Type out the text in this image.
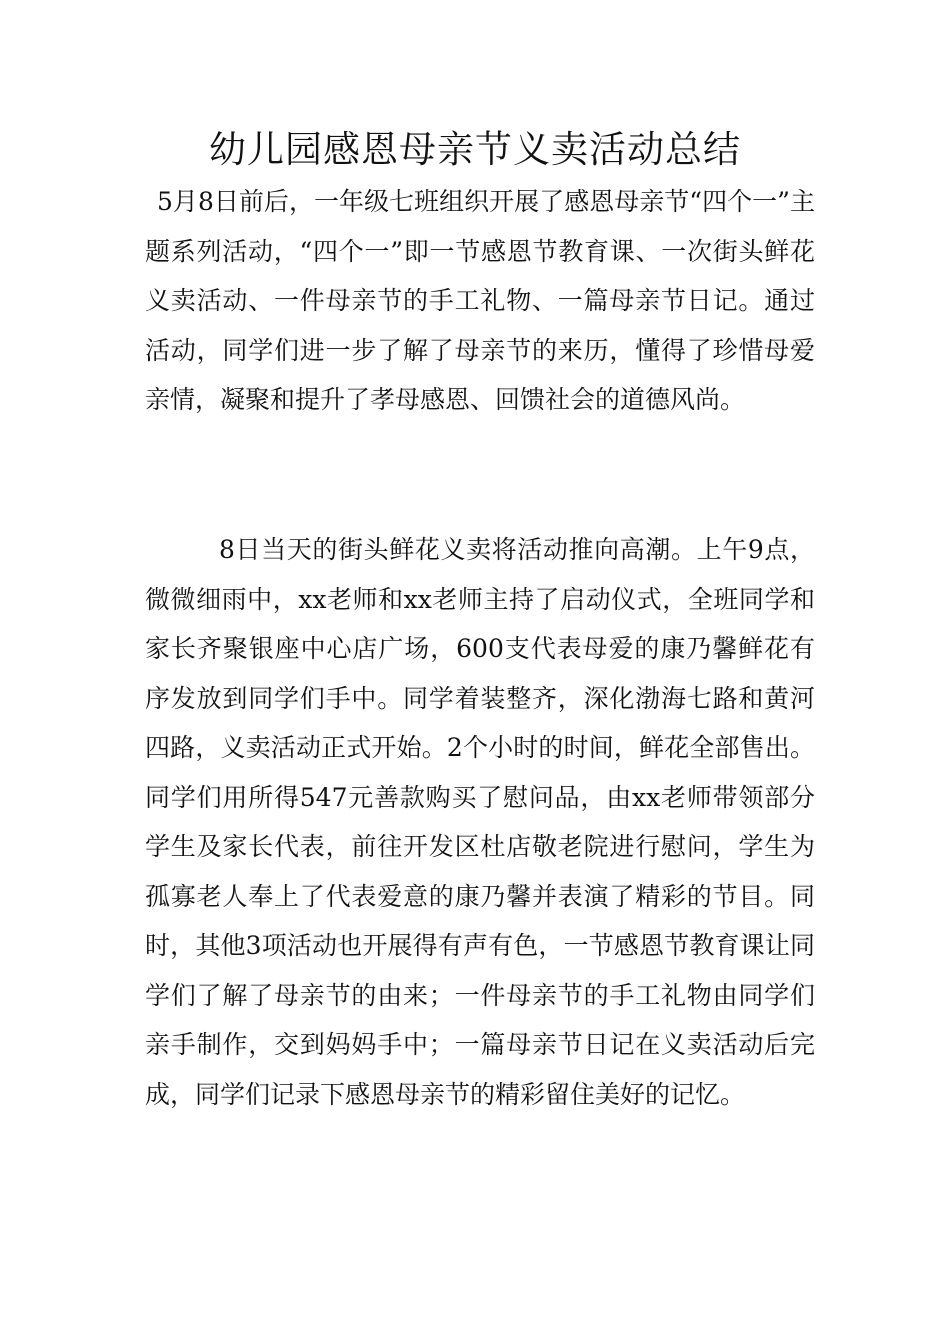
幼儿园感恩母亲节义卖活动总结

5月8日前后，一年级七班组织开展了感恩母亲节“四个一”主题系列活动，“四个一”即一节感恩节教育课、一次街头鲜花义卖活动、一件母亲节的手工礼物、一篇母亲节日记。通过活动，同学们进一步了解了母亲节的来历，懂得了珍惜母爱亲情，凝聚和提升了孝母感恩、回馈社会的道德风尚。

8日当天的街头鲜花义卖将活动推向高潮。上午9点，微微细雨中，xx老师和xx老师主持了启动仪式，全班同学和家长齐聚银座中心店广场，600支代表母爱的康乃馨鲜花有序发放到同学们手中。同学着装整齐，深化渤海七路和黄河四路，义卖活动正式开始。2个小时的时间，鲜花全部售出。同学们用所得547元善款购买了慰问品，由xx老师带领部分学生及家长代表，前往开发区杜店敬老院进行慰问，学生为孤寡老人奉上了代表爱意的康乃馨并表演了精彩的节目。同时，其他3项活动也开展得有声有色，一节感恩节教育课让同学们了解了母亲节的由来；一件母亲节的手工礼物由同学们亲手制作，交到妈妈手中；一篇母亲节日记在义卖活动后完成，同学们记录下感恩母亲节的精彩留住美好的记忆。
